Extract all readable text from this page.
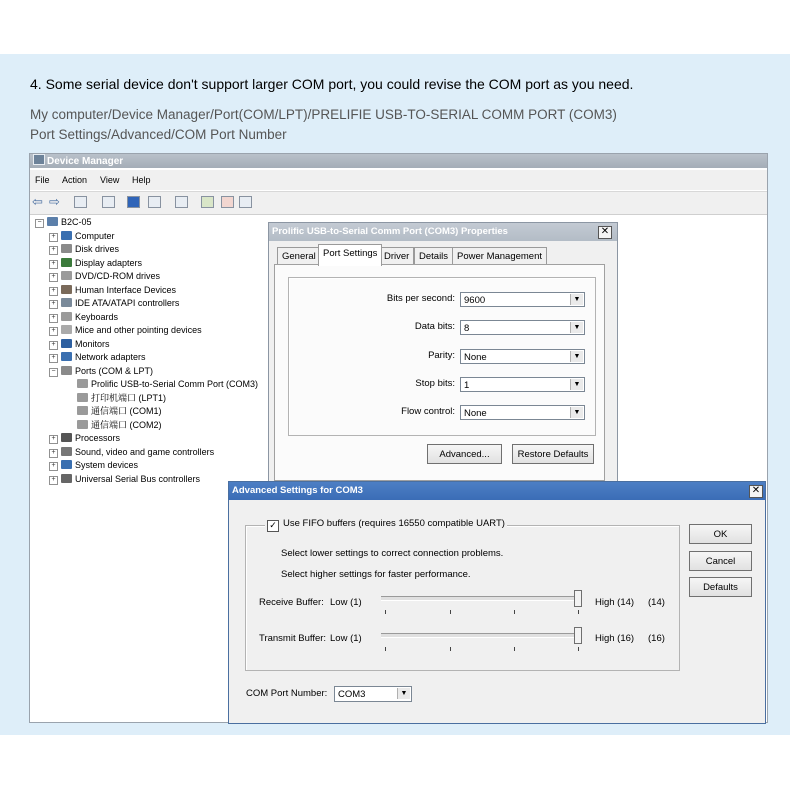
4. Some serial device don't support larger COM port, you could revise the COM port as you need.
My computer/Device Manager/Port(COM/LPT)/PRELIFIE USB-TO-SERIAL COMM PORT (COM3)
Port Settings/Advanced/COM Port Number
Device Manager
File Action View Help
⇦ ⇨
− B2C-05
+ Computer
+ Disk drives
+ Display adapters
+ DVD/CD-ROM drives
+ Human Interface Devices
+ IDE ATA/ATAPI controllers
+ Keyboards
+ Mice and other pointing devices
+ Monitors
+ Network adapters
− Ports (COM & LPT)
Prolific USB-to-Serial Comm Port (COM3)
打印机端口 (LPT1)
通信端口 (COM1)
通信端口 (COM2)
+ Processors
+ Sound, video and game controllers
+ System devices
+ Universal Serial Bus controllers
Prolific USB-to-Serial Comm Port (COM3) Properties	✕
General Port Settings Driver	Details Power Management
Bits per second: 9600	▼
Data bits: 8	▼
Parity: None	▼
Stop bits: 1	▼
Flow control: None	▼
Advanced...	Restore Defaults
Advanced Settings for COM3	✕
✓ Use FIFO buffers (requires 16550 compatible UART)
Select lower settings to correct connection problems.
Select higher settings for faster performance.
Receive Buffer: Low (1)	High (14) (14)
Transmit Buffer: Low (1)	High (16) (16)
COM Port Number:	COM3	▼
OK
Cancel
Defaults
